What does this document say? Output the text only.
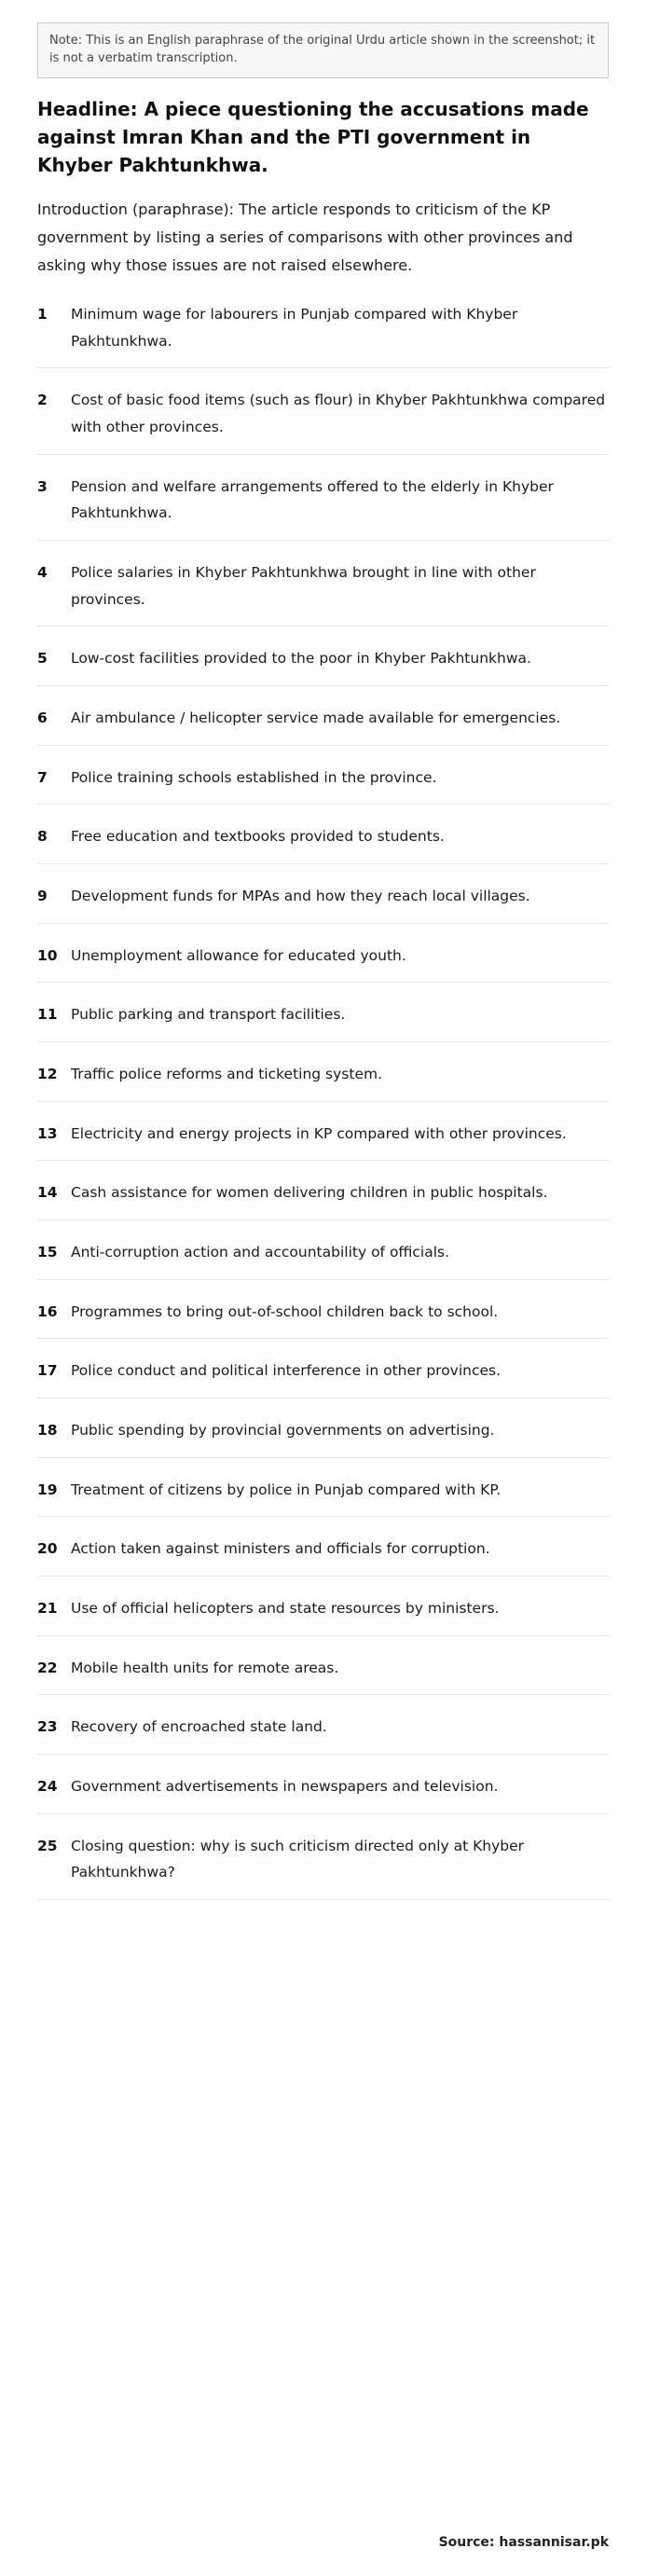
Note: This is an English paraphrase of the original Urdu article shown in the screenshot; it is not a verbatim transcription.
Headline: A piece questioning the accusations made against Imran Khan and the PTI government in Khyber Pakhtunkhwa.

Introduction (paraphrase): The article responds to criticism of the KP government by listing a series of comparisons with other provinces and asking why those issues are not raised elsewhere.

1	Minimum wage for labourers in Punjab compared with Khyber Pakhtunkhwa.
2	Cost of basic food items (such as flour) in Khyber Pakhtunkhwa compared with other provinces.
3	Pension and welfare arrangements offered to the elderly in Khyber Pakhtunkhwa.
4	Police salaries in Khyber Pakhtunkhwa brought in line with other provinces.
5	Low-cost facilities provided to the poor in Khyber Pakhtunkhwa.
6	Air ambulance / helicopter service made available for emergencies.
7	Police training schools established in the province.
8	Free education and textbooks provided to students.
9	Development funds for MPAs and how they reach local villages.
10 Unemployment allowance for educated youth.
11 Public parking and transport facilities.
12 Traffic police reforms and ticketing system.
13 Electricity and energy projects in KP compared with other provinces.
14 Cash assistance for women delivering children in public hospitals.
15 Anti-corruption action and accountability of officials.
16 Programmes to bring out-of-school children back to school.
17 Police conduct and political interference in other provinces.
18 Public spending by provincial governments on advertising.
19 Treatment of citizens by police in Punjab compared with KP.
20 Action taken against ministers and officials for corruption.
21 Use of official helicopters and state resources by ministers.
22 Mobile health units for remote areas.
23 Recovery of encroached state land.
24 Government advertisements in newspapers and television.
25 Closing question: why is such criticism directed only at Khyber Pakhtunkhwa?
Source: hassannisar.pk
